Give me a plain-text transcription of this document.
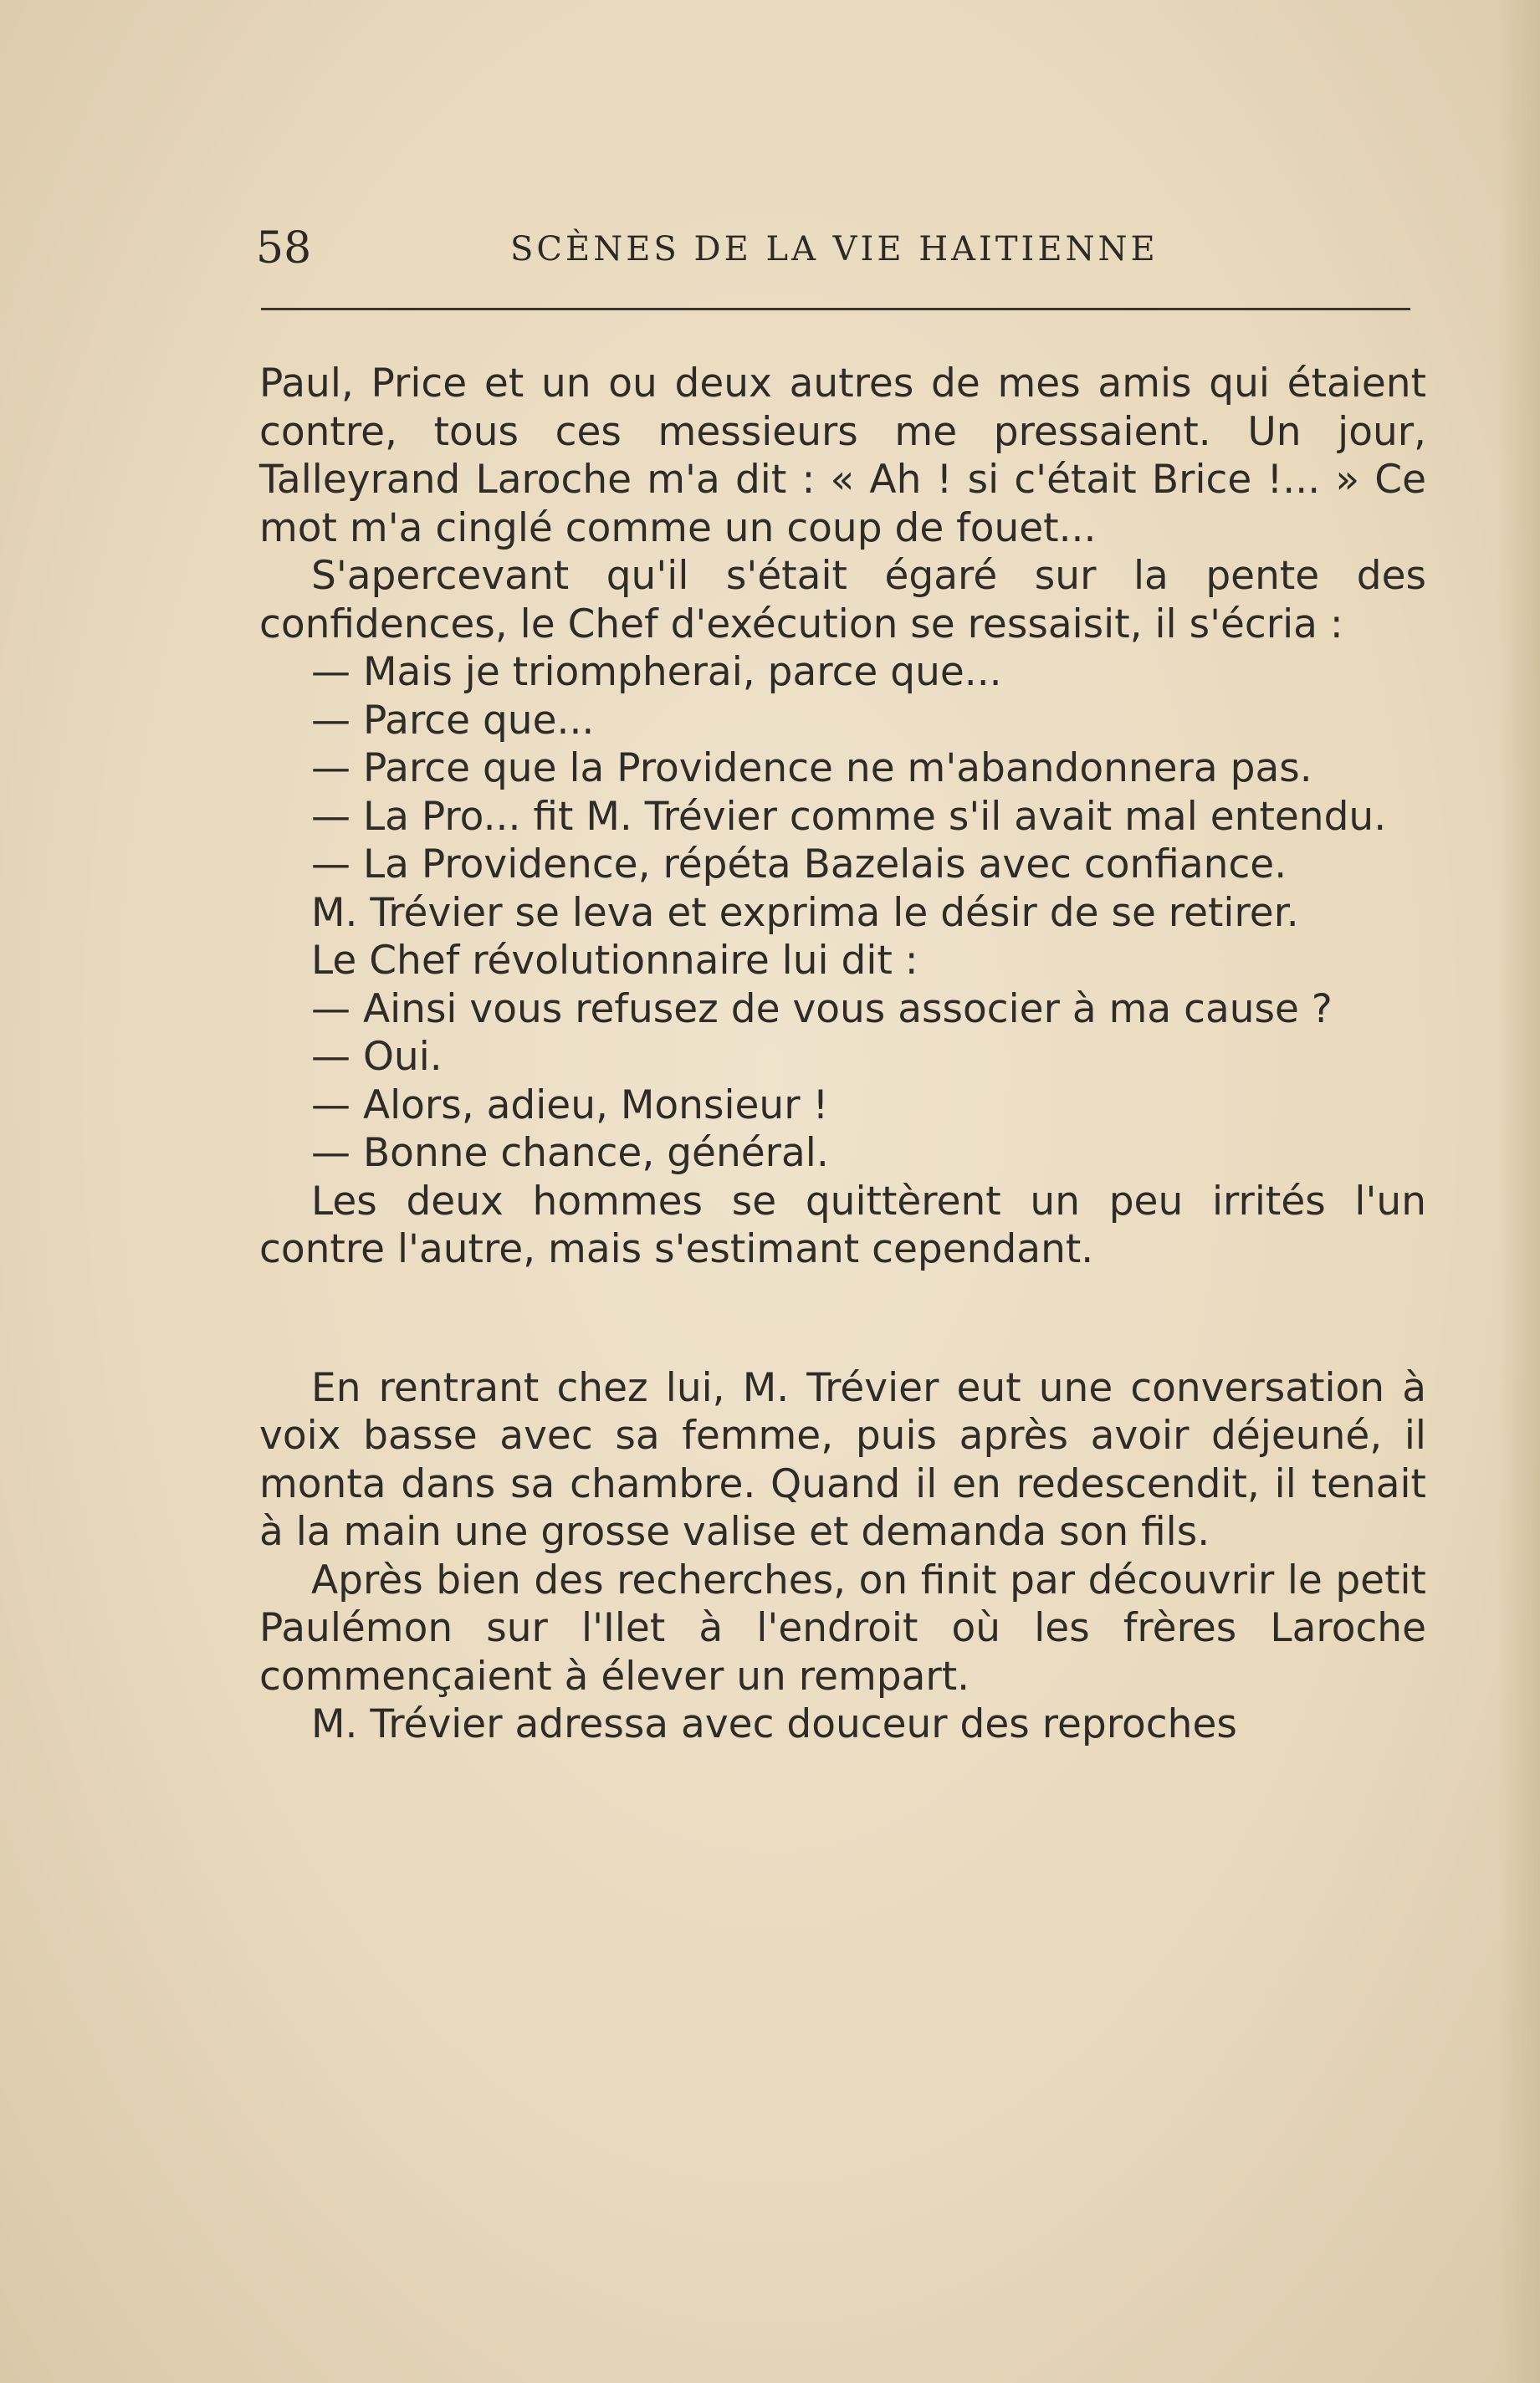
58	SCÈNES DE LA VIE HAITIENNE

Paul, Price et un ou deux autres de mes amis qui étaient contre, tous ces messieurs me pressaient. Un jour, Talleyrand Laroche m'a dit : « Ah ! si c'était Brice !... » Ce mot m'a cinglé comme un coup de fouet...

S'apercevant qu'il s'était égaré sur la pente des confidences, le Chef d'exécution se ressaisit, il s'écria :

— Mais je triompherai, parce que...

— Parce que...

— Parce que la Providence ne m'abandonnera pas.

— La Pro... fit M. Trévier comme s'il avait mal entendu.

— La Providence, répéta Bazelais avec confiance.

M. Trévier se leva et exprima le désir de se retirer.

Le Chef révolutionnaire lui dit :

— Ainsi vous refusez de vous associer à ma cause ?

— Oui.

— Alors, adieu, Monsieur !

— Bonne chance, général.

Les deux hommes se quittèrent un peu irrités l'un contre l'autre, mais s'estimant cependant.

En rentrant chez lui, M. Trévier eut une conversation à voix basse avec sa femme, puis après avoir déjeuné, il monta dans sa chambre. Quand il en redescendit, il tenait à la main une grosse valise et demanda son fils.

Après bien des recherches, on finit par découvrir le petit Paulémon sur l'Ilet à l'endroit où les frères Laroche commençaient à élever un rempart.

M. Trévier adressa avec douceur des reproches
